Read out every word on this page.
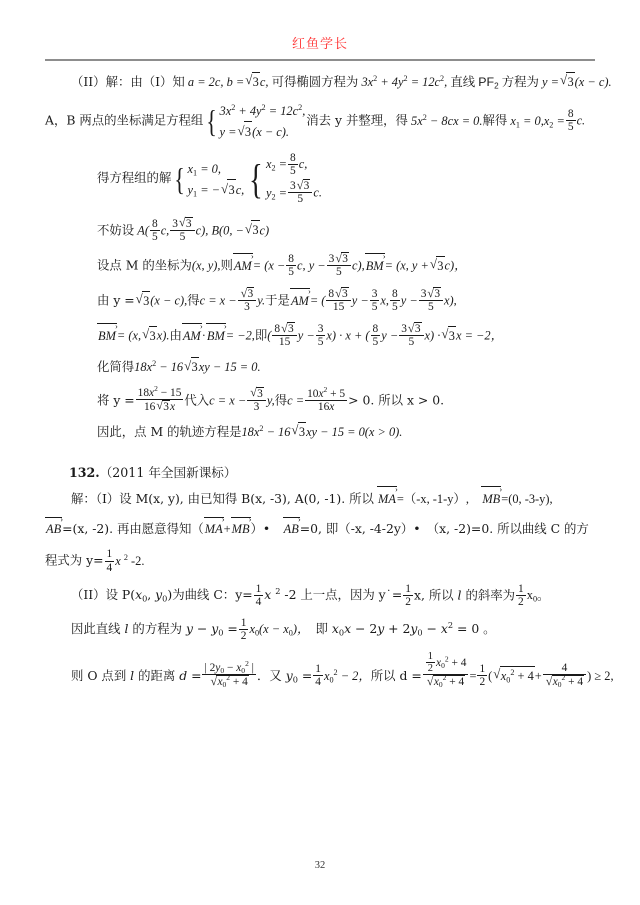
红鱼学长

（II）解：由（I）知 a = 2c, b = √ 3c, 可得椭圆方程为 $3x^2 + 4y^2 = 12c^2$, 直线 $PF_2$ 方程为 y = √ 3(x − c).

A，B 两点的坐标满足方程组 { $3x^2 + 4y^2 = 12c^2$,
y = √ 3(x − c).
消去 y 并整理，得 $5x^2 - 8cx = 0$.解得 $x_1 = 0,x_2 = \frac{8}{5} c$.

得方程组的解 { $x_1 = 0$,
$y_1$ = − √ 3c, { $x_2 = \frac{8}{5} c$,
$y_2 = \frac{3 √ 3}{5} c$.

不妨设 $A( \frac{8}{5} c$, $\frac{3 √ 3}{5} c$), B(0, − √ 3c)

设点 M 的坐标为(x, y),则AM
›
= ($x - \frac{8}{5} c$, $y - \frac{3 √ 3}{5} c),BM$
›
= (x, y + √ 3c)，

由 y = √ 3(x − c),得c = x − √ $\frac{3}{3} y$.于是AM
›
= ( $\frac{8 √ 3}{15}$ $y - \frac{3}{5} x$, $\frac{8}{5}$ $y - \frac{3 √ 3}{5} x$),

BM
›
= (x, √ 3x).由AM
›
·BM
›
= −2,即( $\frac{8 √ 3}{15}$ $y - \frac{3}{5} x) \cdot x$ + ( $\frac{8}{5}$ $y - \frac{3 √ 3}{5} x$) · √ 3x = −2，

化简得$18x^2 - 16$ √ 3xy − 15 = 0.

将 $y = \frac{18x^2 - 15}{16 √ 3x}$ 代入c = x − √ $\frac{3}{3} y$,得$c = \frac{10x^2 + 5}{16x} > 0$. 所以 x > 0.

因此，点 M 的轨迹方程是$18x^2 - 16$ √ 3xy − 15 = 0(x > 0).

132.（2011 年全国新课标）

解：（Ⅰ）设 M(x, y), 由已知得 B(x, -3), A(0, -1). 所以 MA
›
=（-x, -1-y）,　 MB
›
=(0, -3-y),

AB
›
=(x, -2). 再由愿意得知（MA
›
+MB
›
）•　 AB
›
=0, 即（-x, -4-2y）•　（x, -2)=0. 所以曲线 C 的方

程式为 $y= \frac{1}{4}$ x $^2$ -2.

（II）设 $P(x_0$, $y_0$)为曲线 C：$y= \frac{1}{4}$ x $^2$ -2 上一点，因为 y˙= $\frac{1}{2} x$, 所以 l 的斜率为 $\frac{1}{2} x_0$。

因此直线 l 的方程为 $y - y_0 = \frac{1}{2} x_0(x - x_0)$，　 即 $x_0x - 2y + 2y_0 - x^2 = 0$ 。

则 O 点到 l 的距离 d = | $2y_0 - x_0^2$ |
√ $x_0^2 + 4$ ．又 $y_0 = \frac{1}{4} x_0^2 - 2$，所以 $d = \frac{1}{2} x_0^2 + 4$
√ $x_0^2 + 4 = \frac{1}{2}$ ( √ $x_0^2 + 4+ 4$
√ $x_0^2 + 4$ ) ≥ 2,

32
